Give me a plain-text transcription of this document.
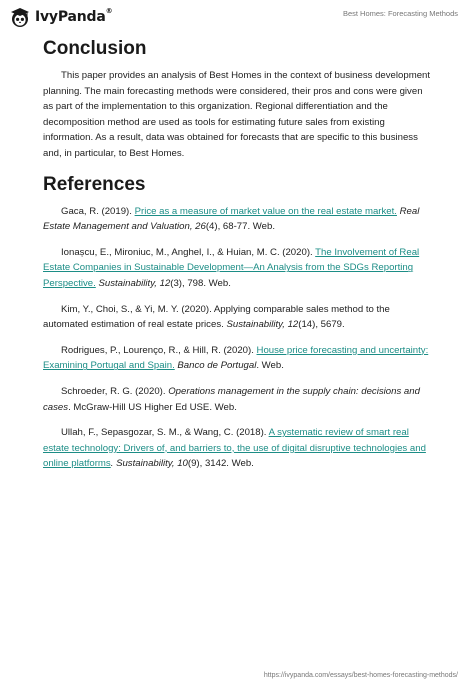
IvyPanda®	Best Homes: Forecasting Methods
Conclusion

This paper provides an analysis of Best Homes in the context of business development planning. The main forecasting methods were considered, their pros and cons were given as part of the implementation to this organization. Regional differentiation and the decomposition method are used as tools for estimating future sales from existing information. As a result, data was obtained for forecasts that are specific to this business and, in particular, to Best Homes.

References

Gaca, R. (2019). Price as a measure of market value on the real estate market. Real Estate Management and Valuation, 26(4), 68-77. Web.

Ionașcu, E., Mironiuc, M., Anghel, I., & Huian, M. C. (2020). The Involvement of Real Estate Companies in Sustainable Development—An Analysis from the SDGs Reporting Perspective. Sustainability, 12(3), 798. Web.

Kim, Y., Choi, S., & Yi, M. Y. (2020). Applying comparable sales method to the automated estimation of real estate prices. Sustainability, 12(14), 5679.

Rodrigues, P., Lourenço, R., & Hill, R. (2020). House price forecasting and uncertainty: Examining Portugal and Spain. Banco de Portugal. Web.

Schroeder, R. G. (2020). Operations management in the supply chain: decisions and cases. McGraw-Hill US Higher Ed USE. Web.

Ullah, F., Sepasgozar, S. M., & Wang, C. (2018). A systematic review of smart real estate technology: Drivers of, and barriers to, the use of digital disruptive technologies and online platforms. Sustainability, 10(9), 3142. Web.

https://ivypanda.com/essays/best-homes-forecasting-methods/
